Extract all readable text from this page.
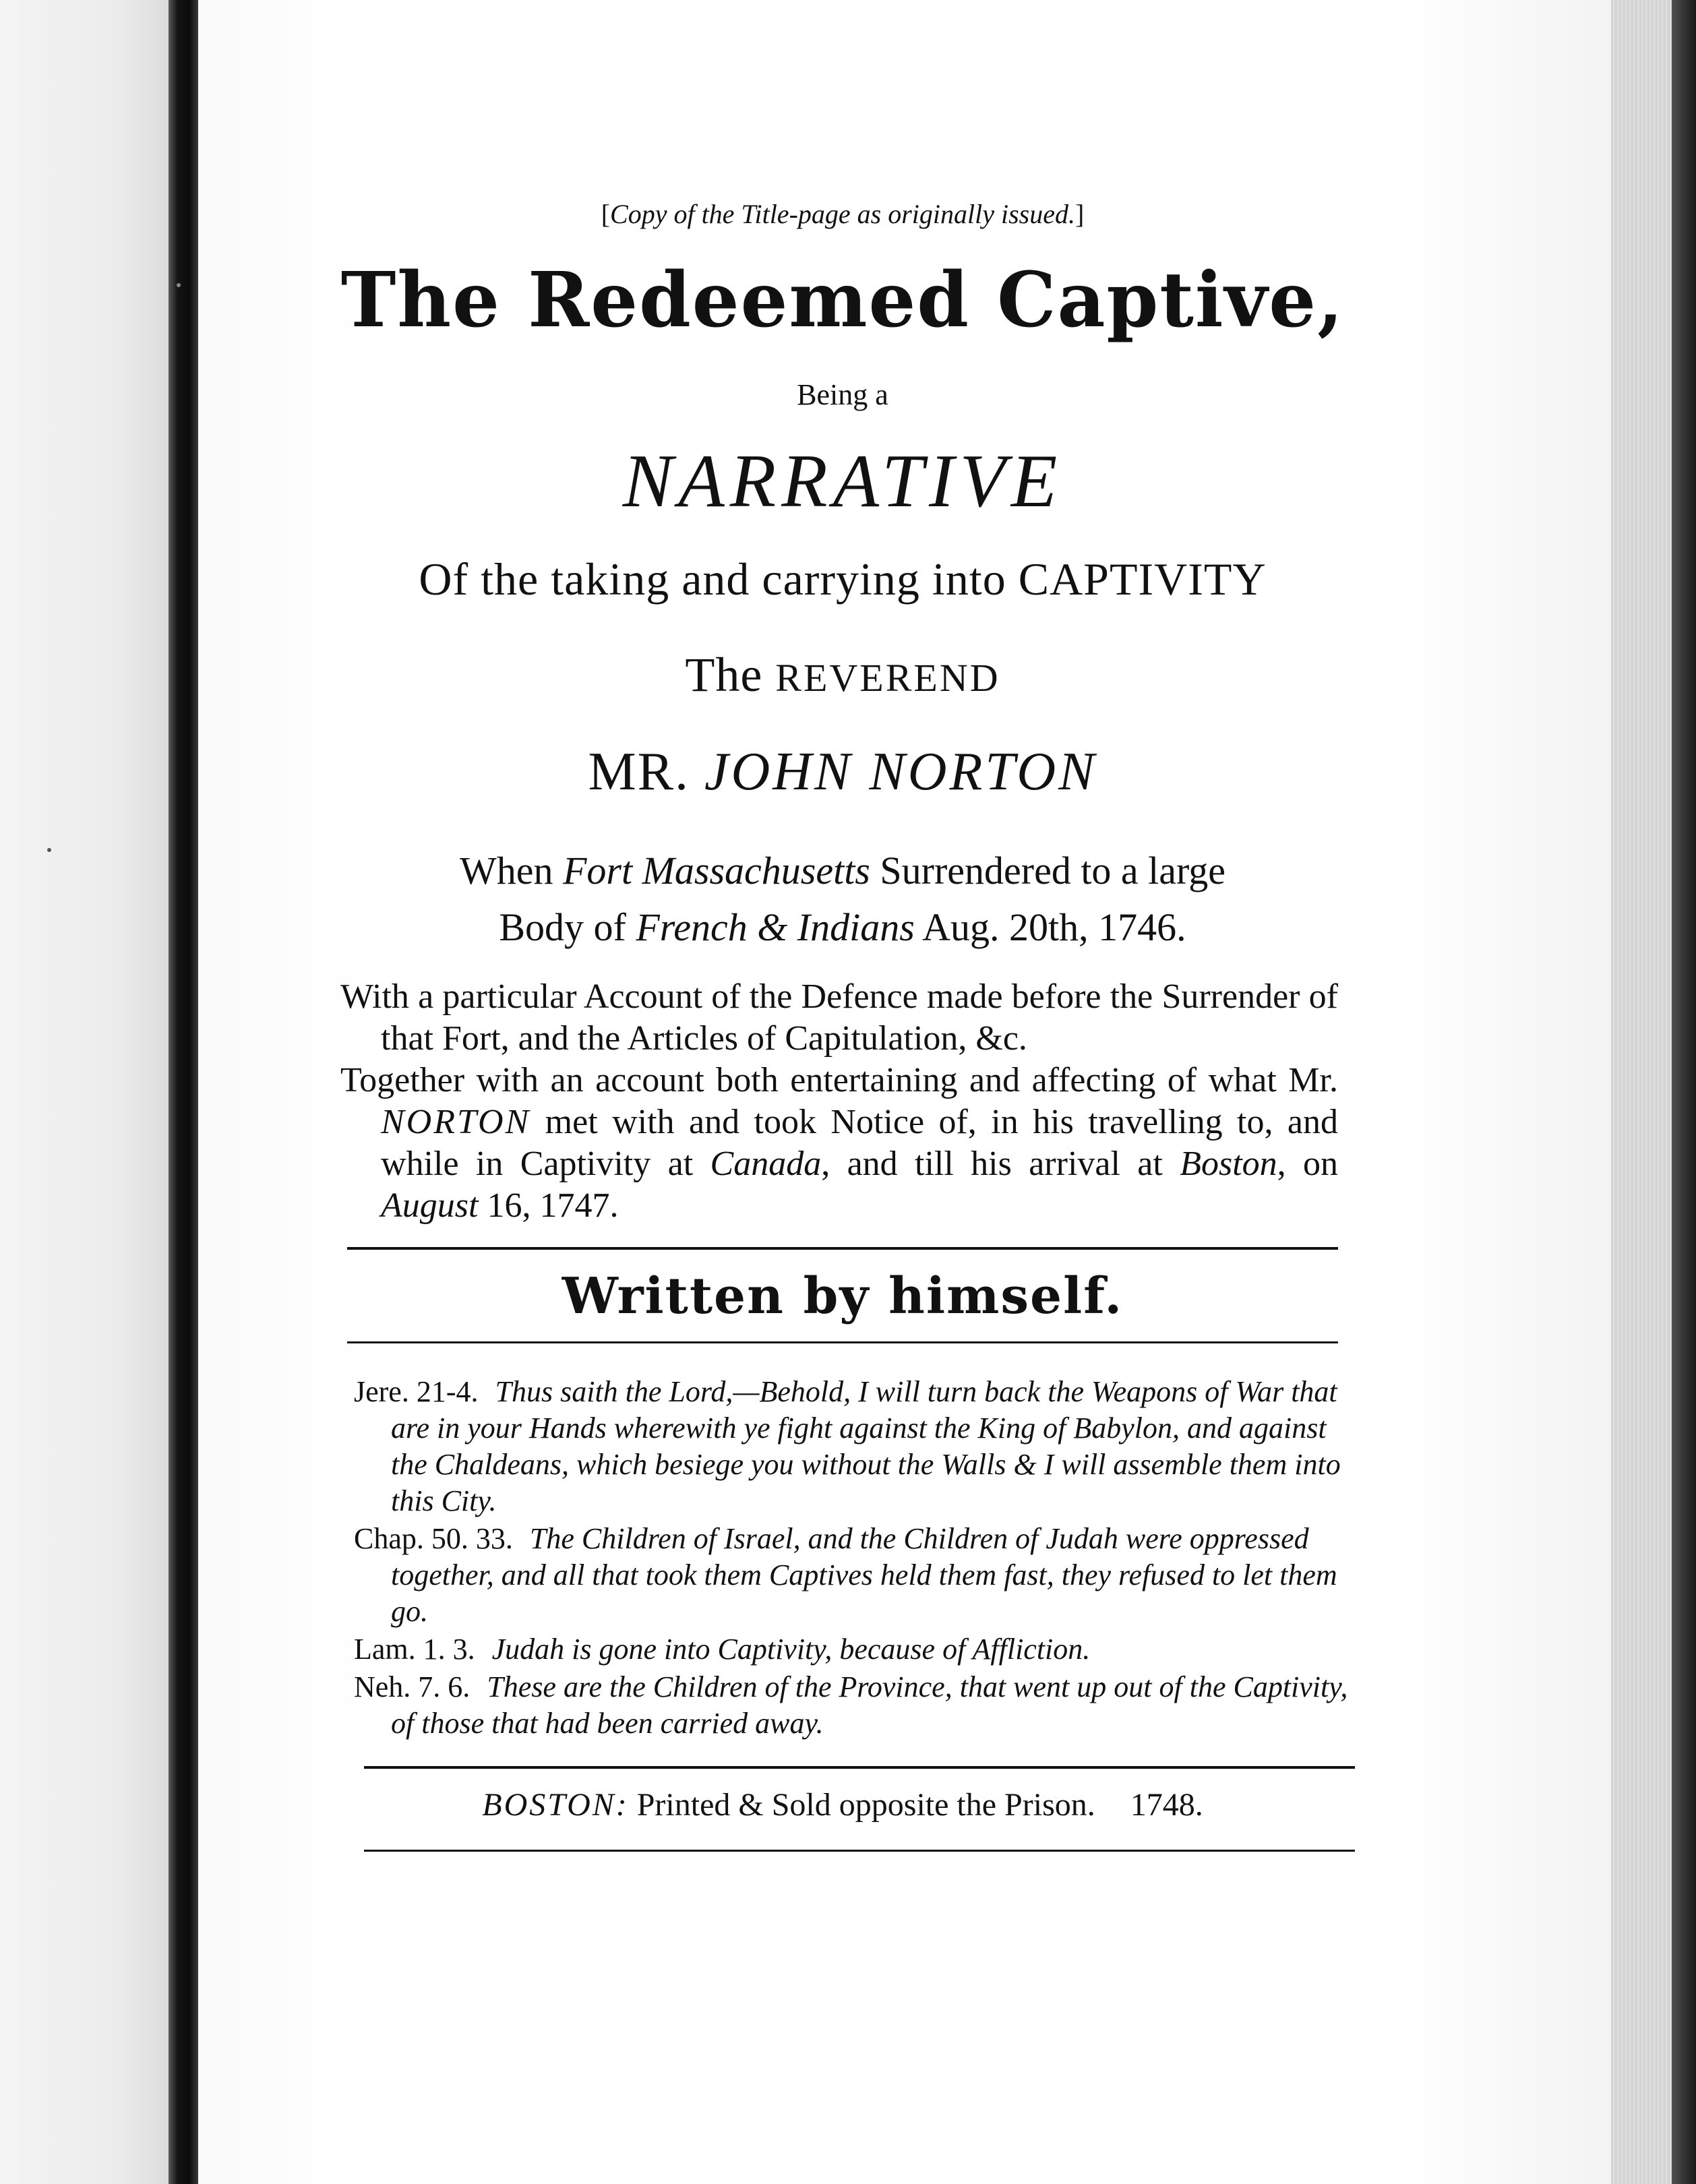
[Copy of the Title-page as originally issued.]
The Redeemed Captive,
Being a
NARRATIVE
Of the taking and carrying into CAPTIVITY
The REVEREND
MR. JOHN NORTON
When Fort Massachusetts Surrendered to a large
Body of French & Indians Aug. 20th, 1746.

With a particular Account of the Defence made before the Surrender of that Fort, and the Articles of Capitulation, &c.

Together with an account both entertaining and affecting of what Mr. NORTON met with and took Notice of, in his travelling to, and while in Captivity at Canada, and till his arrival at Boston, on August 16, 1747.

Written by himself.
Jere. 21-4. Thus saith the Lord,—Behold, I will turn back the Weapons of War that are in your Hands wherewith ye fight against the King of Babylon, and against the Chaldeans, which besiege you without the Walls & I will assemble them into this City.
Chap. 50. 33. The Children of Israel, and the Children of Judah were oppressed together, and all that took them Captives held them fast, they refused to let them go.
Lam. 1. 3. Judah is gone into Captivity, because of Affliction.
Neh. 7. 6. These are the Children of the Province, that went up out of the Captivity, of those that had been carried away.
BOSTON: Printed & Sold opposite the Prison. 1748.
